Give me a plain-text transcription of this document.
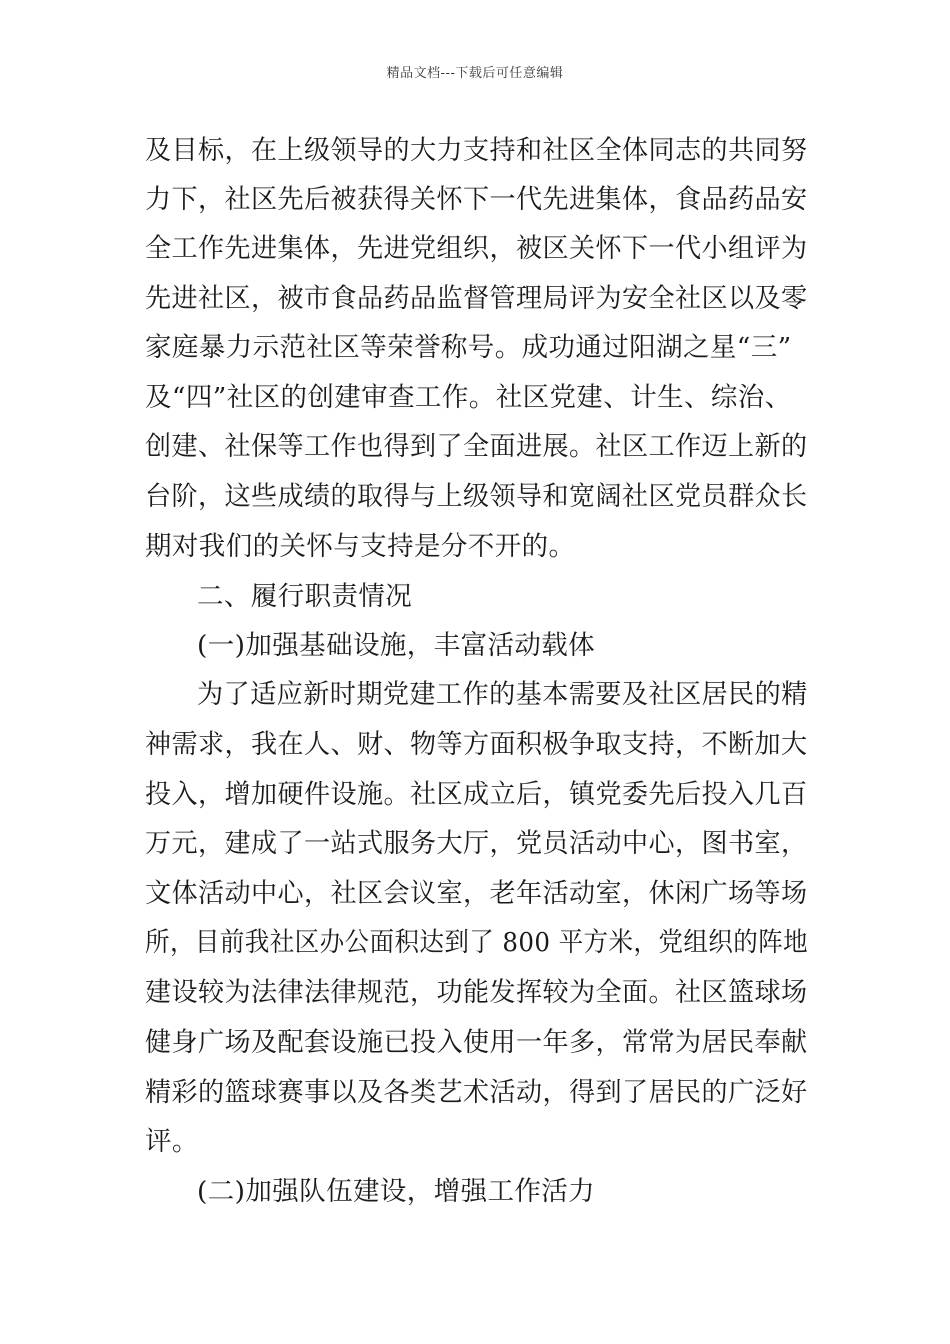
精品文档---下载后可任意编辑
及目标，在上级领导的大力支持和社区全体同志的共同努
力下，社区先后被获得关怀下一代先进集体，食品药品安
全工作先进集体，先进党组织，被区关怀下一代小组评为
先进社区，被市食品药品监督管理局评为安全社区以及零
家庭暴力示范社区等荣誉称号。成功通过阳湖之星“三”
及“四”社区的创建审查工作。社区党建、计生、综治、
创建、社保等工作也得到了全面进展。社区工作迈上新的
台阶，这些成绩的取得与上级领导和宽阔社区党员群众长
期对我们的关怀与支持是分不开的。
二、履行职责情况
(一)加强基础设施，丰富活动载体
为了适应新时期党建工作的基本需要及社区居民的精
神需求，我在人、财、物等方面积极争取支持，不断加大
投入，增加硬件设施。社区成立后，镇党委先后投入几百
万元，建成了一站式服务大厅，党员活动中心，图书室，
文体活动中心，社区会议室，老年活动室，休闲广场等场
所，目前我社区办公面积达到了 800 平方米，党组织的阵地
建设较为法律法律规范，功能发挥较为全面。社区篮球场
健身广场及配套设施已投入使用一年多，常常为居民奉献
精彩的篮球赛事以及各类艺术活动，得到了居民的广泛好
评。
(二)加强队伍建设，增强工作活力
